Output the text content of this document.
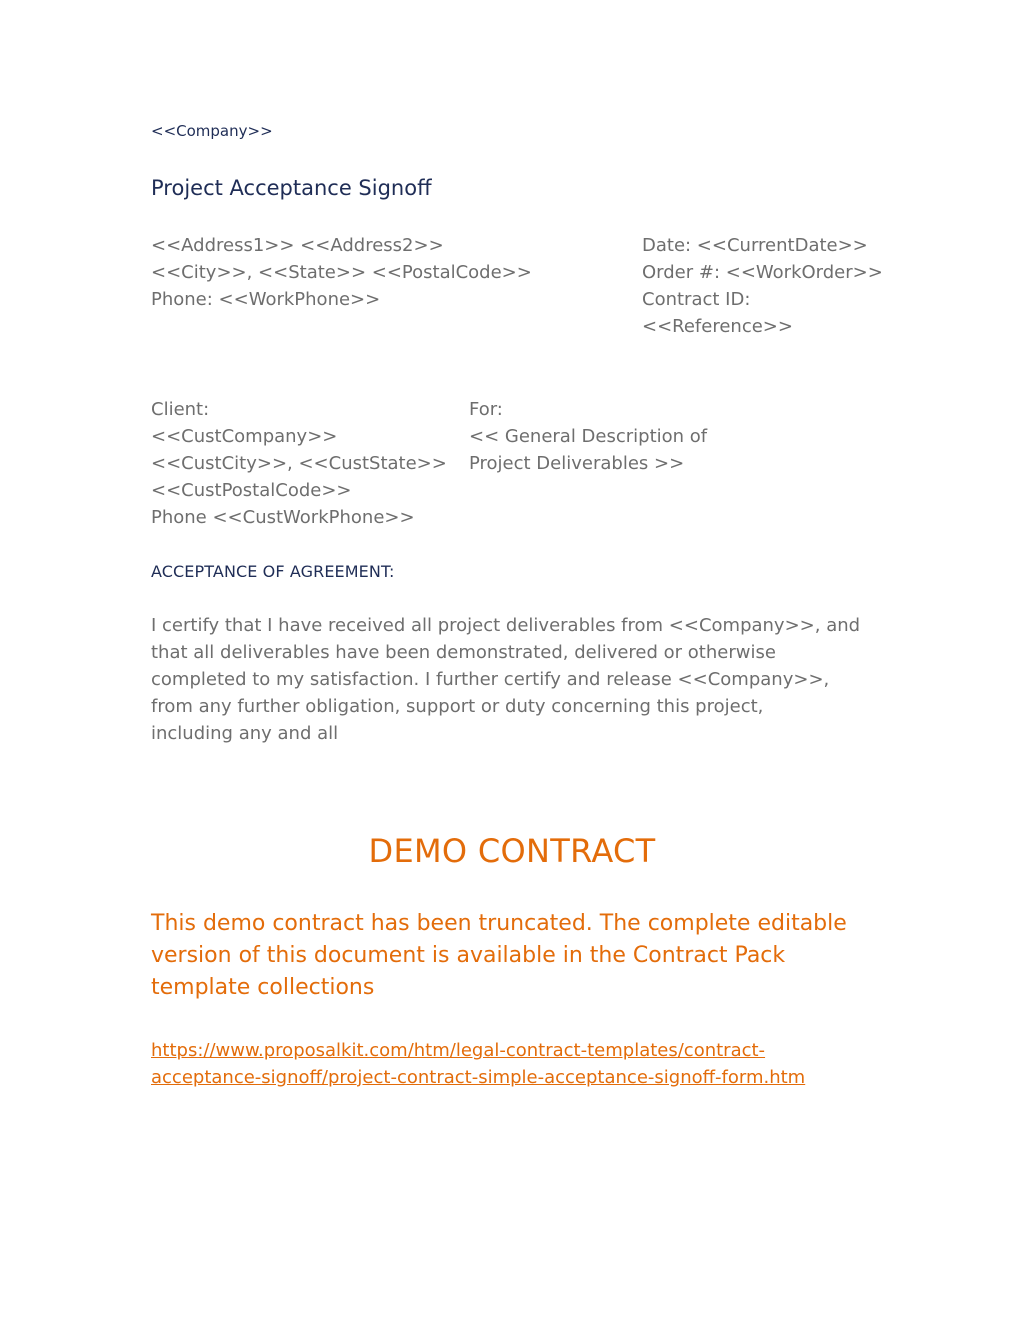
<<Company>>
Project Acceptance Signoff
<<Address1>> <<Address2>>
<<City>>, <<State>> <<PostalCode>>
Phone: <<WorkPhone>>
Date: <<CurrentDate>>
Order #: <<WorkOrder>>
Contract ID:
<<Reference>>
Client:
<<CustCompany>>
<<CustCity>>, <<CustState>>
<<CustPostalCode>>
Phone <<CustWorkPhone>>
For:
<< General Description of
Project Deliverables >>
ACCEPTANCE OF AGREEMENT:
I certify that I have received all project deliverables from <<Company>>, and
that all deliverables have been demonstrated, delivered or otherwise
completed to my satisfaction. I further certify and release <<Company>>,
from any further obligation, support or duty concerning this project,
including any and all
DEMO CONTRACT
This demo contract has been truncated. The complete editable
version of this document is available in the Contract Pack
template collections
https://www.proposalkit.com/htm/legal-contract-templates/contract-
acceptance-signoff/project-contract-simple-acceptance-signoff-form.htm
